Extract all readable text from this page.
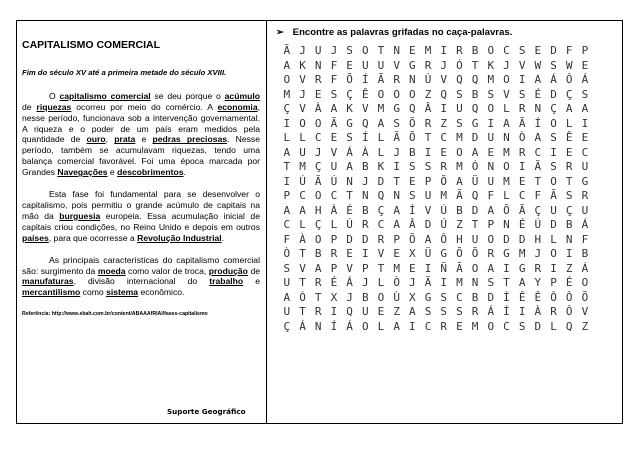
CAPITALISMO COMERCIAL
Fim do século XV até a primeira metade do século XVIII.

O capitalismo comercial se deu porque o acúmulo de riquezas ocorreu por meio do comércio. A economia, nesse período, funcionava sob a intervenção governamental. A riqueza e o poder de um país eram medidos pela quantidade de ouro, prata e pedras preciosas. Nesse período, também se acumulavam riquezas, tendo uma balança comercial favorável. Foi uma época marcada por Grandes Navegações e descobrimentos.

Esta fase foi fundamental para se desenvolver o capitalismo, pois permitiu o grande acúmulo de capitais na mão da burguesia europeia. Essa acumulação inicial de capitais criou condições, no Reino Unido e depois em outros países, para que ocorresse a Revolução Industrial.

As principais características do capitalismo comercial são: surgimento da moeda como valor de troca, produção de manufaturas, divisão internacional do trabalho e mercantilismo como sistema econômico.

Referência: http://www.ebah.com.br/content/ABAAAfRlAI/fases-capitalismo
➢ Encontre as palavras grifadas no caça-palavras.
Ã J U J S O T N E M I R B O C S E D F P
A K N F E U U V G R J Ó T K J V W S W E
O V R F Õ Í Ã R N Ú V Q Q M O I A Á Ô Á
M J E S Ç Ê O O O Z Q S B S V S É D Ç S
Ç V À A K V M G Q Â I U Q O L R N Ç A A
I O O Ã G Q A S Õ R Z S G I A Ã Í O L I
L L C E S Í L Ã Õ T C M D U N Ò A S Ê E
A U J V Á À L J B I E O A E M R C I E C
T M Ç U A B K I S S R M Ó N O I Ã S R U
I Ú Ã Ú N J D T E P Õ A Ü U M E T O T G
P C O C T N Q N S U M Ã Q F L C F Ã S R
A A H À É B Ç A Í V Ú B D A Õ Ã Ç U Ç U
C L Ç L Ú R C A Â D Ú Z T P N É Ú D B Á
F À O P D D R P Õ A Ô H U O D D H L N F
Ò T B R E I V E X Ü G Õ Õ R G M J O I B
S V A P V P T M E I Ñ Ã O A I G R I Z Á
U T R É Á J L Ò J Ã I M N S T A Y P É O
A Ó T X J B O Ù X G S C B D Í Ê Ê Ô Ô Õ
U T R I Q U E Z A S S S R Á Í I À R Ô V
Ç Á N Í Á O L A I C R E M O C S D L Q Z
Suporte Geográfico
